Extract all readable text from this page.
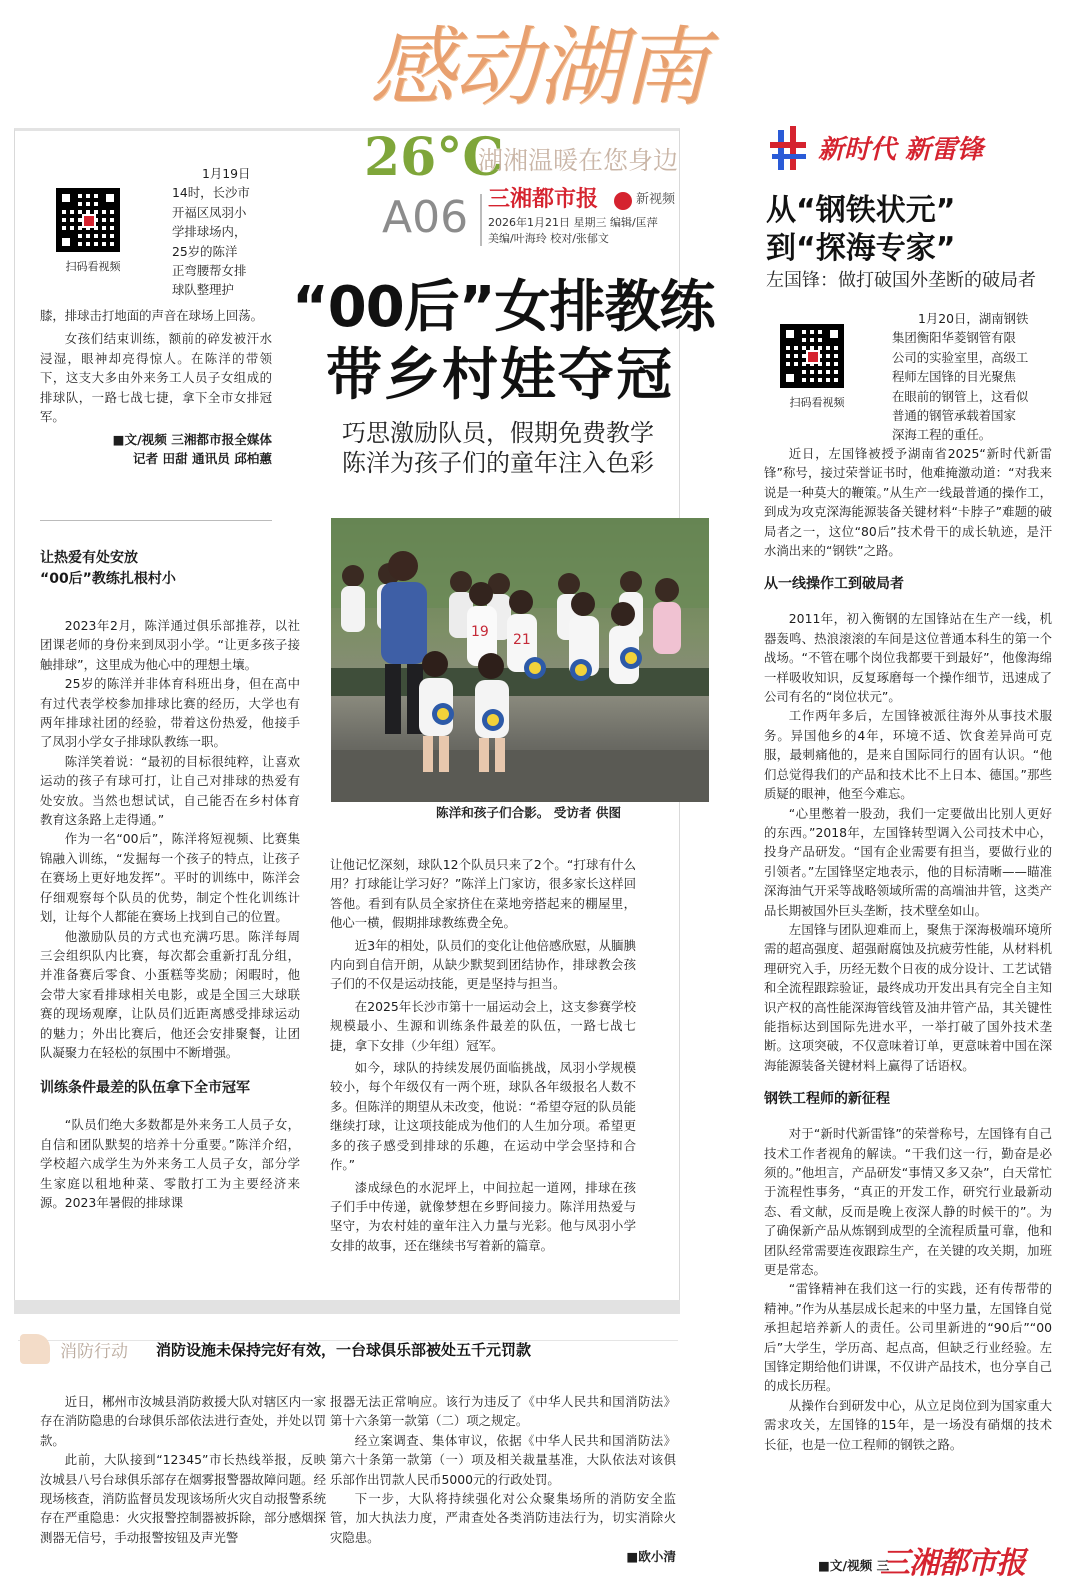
感动湖南
26°C
湖湘温暖在您身边
A06 三湘都市报	新视频
2026年1月21日 星期三 编辑/匡萍
美编/叶海玲 校对/张郁文
“00后”女排教练
带乡村娃夺冠
巧思激励队员，假期免费教学
陈洋为孩子们的童年注入色彩
扫码看视频
1月19日
14时，长沙市
开福区凤羽小
学排球场内，
25岁的陈洋
正弯腰帮女排
球队整理护
膝，排球击打地面的声音在球场上回荡。
女孩们结束训练，额前的碎发被汗水浸湿，眼神却亮得惊人。在陈洋的带领下，这支大多由外来务工人员子女组成的排球队，一路七战七捷，拿下全市女排冠军。
■文/视频 三湘都市报全媒体
记者 田甜 通讯员 邱柏蕙
19 21
陈洋和孩子们合影。 受访者 供图
让热爱有处安放
“00后”教练扎根村小
2023年2月，陈洋通过俱乐部推荐，以社团课老师的身份来到凤羽小学。“让更多孩子接触排球”，这里成为他心中的理想土壤。
25岁的陈洋并非体育科班出身，但在高中有过代表学校参加排球比赛的经历，大学也有两年排球社团的经验，带着这份热爱，他接手了凤羽小学女子排球队教练一职。
陈洋笑着说：“最初的目标很纯粹，让喜欢运动的孩子有球可打，让自己对排球的热爱有处安放。当然也想试试，自己能否在乡村体育教育这条路上走得通。”
作为一名“00后”，陈洋将短视频、比赛集锦融入训练，“发掘每一个孩子的特点，让孩子在赛场上更好地发挥”。平时的训练中，陈洋会仔细观察每个队员的优势，制定个性化训练计划，让每个人都能在赛场上找到自己的位置。
他激励队员的方式也充满巧思。陈洋每周三会组织队内比赛，每次都会重新打乱分组，并准备赛后零食、小蛋糕等奖励；闲暇时，他会带大家看排球相关电影，或是全国三大球联赛的现场观摩，让队员们近距离感受排球运动的魅力；外出比赛后，他还会安排聚餐，让团队凝聚力在轻松的氛围中不断增强。
训练条件最差的队伍拿下全市冠军
“队员们绝大多数都是外来务工人员子女，自信和团队默契的培养十分重要。”陈洋介绍，学校超六成学生为外来务工人员子女，部分学生家庭以租地种菜、零散打工为主要经济来源。2023年暑假的排球课
让他记忆深刻，球队12个队员只来了2个。“打球有什么用？打球能让学习好？”陈洋上门家访，很多家长这样回答他。看到有队员全家挤住在菜地旁搭起来的棚屋里，他心一横，假期排球教练费全免。
近3年的相处，队员们的变化让他倍感欣慰，从腼腆内向到自信开朗，从缺少默契到团结协作，排球教会孩子们的不仅是运动技能，更是坚持与担当。
在2025年长沙市第十一届运动会上，这支参赛学校规模最小、生源和训练条件最差的队伍，一路七战七捷，拿下女排（少年组）冠军。
如今，球队的持续发展仍面临挑战，凤羽小学规模较小，每个年级仅有一两个班，球队各年级报名人数不多。但陈洋的期望从未改变，他说：“希望夺冠的队员能继续打球，让这项技能成为他们的人生加分项。希望更多的孩子感受到排球的乐趣，在运动中学会坚持和合作。”
漆成绿色的水泥坪上，中间拉起一道网，排球在孩子们手中传递，就像梦想在乡野间接力。陈洋用热爱与坚守，为农村娃的童年注入力量与光彩。他与凤羽小学女排的故事，还在继续书写着新的篇章。
新时代 新雷锋
从“钢铁状元”
到“探海专家”
左国锋：做打破国外垄断的破局者
扫码看视频
1月20日，湖南钢铁
集团衡阳华菱钢管有限
公司的实验室里，高级工
程师左国锋的目光聚焦
在眼前的钢管上，这看似
普通的钢管承载着国家
深海工程的重任。
近日，左国锋被授予湖南省2025“新时代新雷锋”称号，接过荣誉证书时，他难掩激动道：“对我来说是一种莫大的鞭策。”从生产一线最普通的操作工，到成为攻克深海能源装备关键材料“卡脖子”难题的破局者之一，这位“80后”技术骨干的成长轨迹，是汗水淌出来的“钢铁”之路。
从一线操作工到破局者
2011年，初入衡钢的左国锋站在生产一线，机器轰鸣、热浪滚滚的车间是这位普通本科生的第一个战场。“不管在哪个岗位我都要干到最好”，他像海绵一样吸收知识，反复琢磨每一个操作细节，迅速成了公司有名的“岗位状元”。
工作两年多后，左国锋被派往海外从事技术服务。异国他乡的4年，环境不适、饮食差异尚可克服，最刺痛他的，是来自国际同行的固有认识。“他们总觉得我们的产品和技术比不上日本、德国。”那些质疑的眼神，他至今难忘。
“心里憋着一股劲，我们一定要做出比别人更好的东西。”2018年，左国锋转型调入公司技术中心，投身产品研发。“国有企业需要有担当，要做行业的引领者。”左国锋坚定地表示，他的目标清晰——瞄准深海油气开采等战略领域所需的高端油井管，这类产品长期被国外巨头垄断，技术壁垒如山。
左国锋与团队迎难而上，聚焦于深海极端环境所需的超高强度、超强耐腐蚀及抗疲劳性能，从材料机理研究入手，历经无数个日夜的成分设计、工艺试错和全流程跟踪验证，最终成功开发出具有完全自主知识产权的高性能深海管线管及油井管产品，其关键性能指标达到国际先进水平，一举打破了国外技术垄断。这项突破，不仅意味着订单，更意味着中国在深海能源装备关键材料上赢得了话语权。
钢铁工程师的新征程
对于“新时代新雷锋”的荣誉称号，左国锋有自己技术工作者视角的解读。“干我们这一行，勤奋是必须的。”他坦言，产品研发“事情又多又杂”，白天常忙于流程性事务，“真正的开发工作，研究行业最新动态、看文献，反而是晚上夜深人静的时候干的”。为了确保新产品从炼钢到成型的全流程质量可靠，他和团队经常需要连夜跟踪生产，在关键的攻关期，加班更是常态。
“雷锋精神在我们这一行的实践，还有传帮带的精神。”作为从基层成长起来的中坚力量，左国锋自觉承担起培养新人的责任。公司里新进的“90后”“00后”大学生，学历高、起点高，但缺乏行业经验。左国锋定期给他们讲课，不仅讲产品技术，也分享自己的成长历程。
从操作台到研发中心，从立足岗位到为国家重大需求攻关，左国锋的15年，是一场没有硝烟的技术长征，也是一位工程师的钢铁之路。
■文/视频 三
三湘都市报
消防行动 消防设施未保持完好有效，一台球俱乐部被处五千元罚款
近日，郴州市汝城县消防救援大队对辖区内一家存在消防隐患的台球俱乐部依法进行查处，并处以罚款。
此前，大队接到“12345”市长热线举报，反映汝城县八号台球俱乐部存在烟雾报警器故障问题。经现场核查，消防监督员发现该场所火灾自动报警系统存在严重隐患：火灾报警控制器被拆除，部分感烟探测器无信号，手动报警按钮及声光警
报器无法正常响应。该行为违反了《中华人民共和国消防法》第十六条第一款第（二）项之规定。
经立案调查、集体审议，依据《中华人民共和国消防法》第六十条第一款第（一）项及相关裁量基准，大队依法对该俱乐部作出罚款人民币5000元的行政处罚。
下一步，大队将持续强化对公众聚集场所的消防安全监管，加大执法力度，严肃查处各类消防违法行为，切实消除火灾隐患。
■欧小清
